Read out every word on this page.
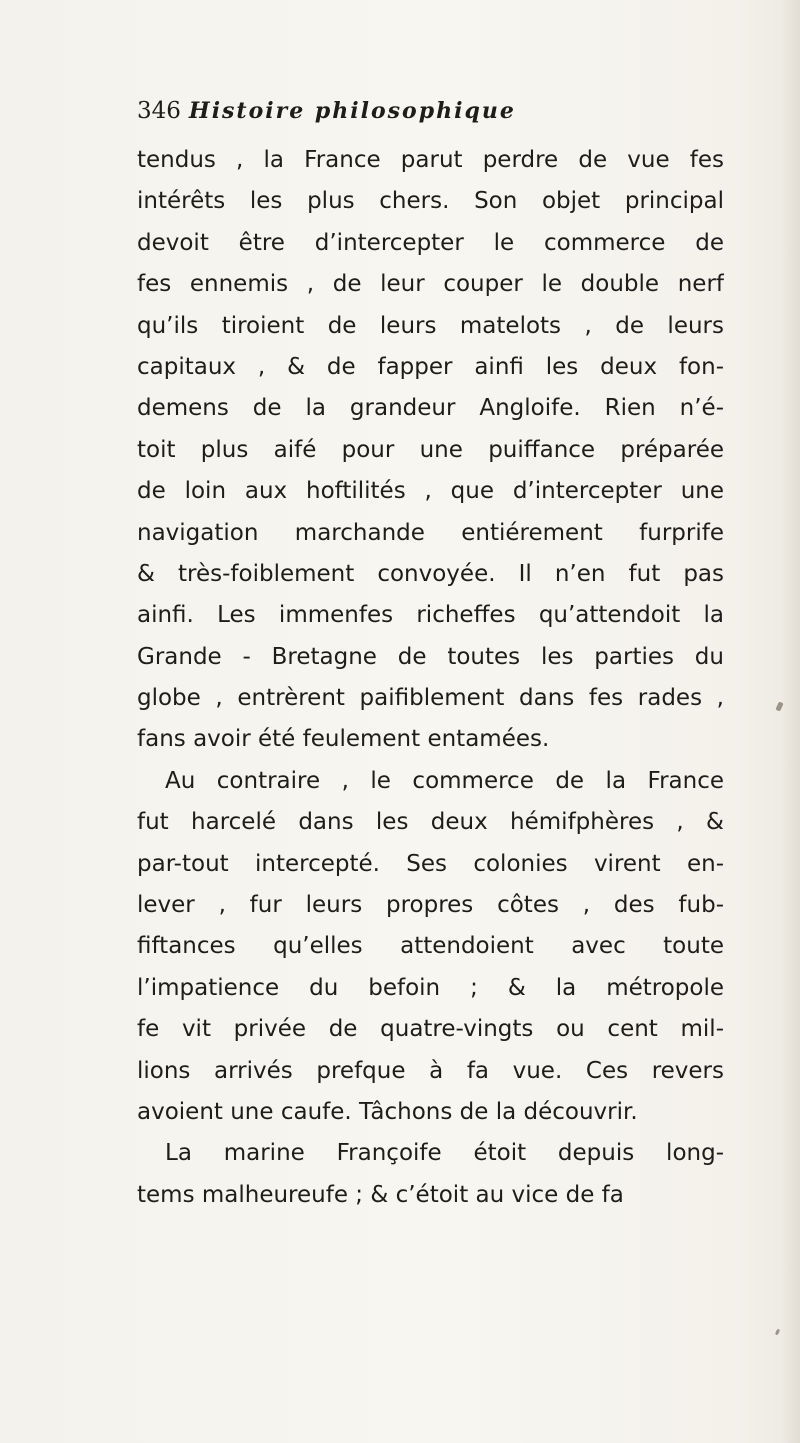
346 Histoire philosophique
tendus , la France parut perdre de vue fes
intérêts les plus chers. Son objet principal
devoit être d’intercepter le commerce de
fes ennemis , de leur couper le double nerf
qu’ils tiroient de leurs matelots , de leurs
capitaux , & de fapper ainfi les deux fon-
demens de la grandeur Angloife. Rien n’é-
toit plus aifé pour une puiffance préparée
de loin aux hoftilités , que d’intercepter une
navigation marchande entiérement furprife
& très-foiblement convoyée. Il n’en fut pas
ainfi. Les immenfes richeffes qu’attendoit la
Grande - Bretagne de toutes les parties du
globe , entrèrent paifiblement dans fes rades ,
fans avoir été feulement entamées.
Au contraire , le commerce de la France
fut harcelé dans les deux hémifphères , &
par-tout intercepté. Ses colonies virent en-
lever , fur leurs propres côtes , des fub-
fiftances qu’elles attendoient avec toute
l’impatience du befoin ; & la métropole
fe vit privée de quatre-vingts ou cent mil-
lions arrivés prefque à fa vue. Ces revers
avoient une caufe. Tâchons de la découvrir.
La marine Françoife étoit depuis long-
tems malheureufe ; & c’étoit au vice de fa
